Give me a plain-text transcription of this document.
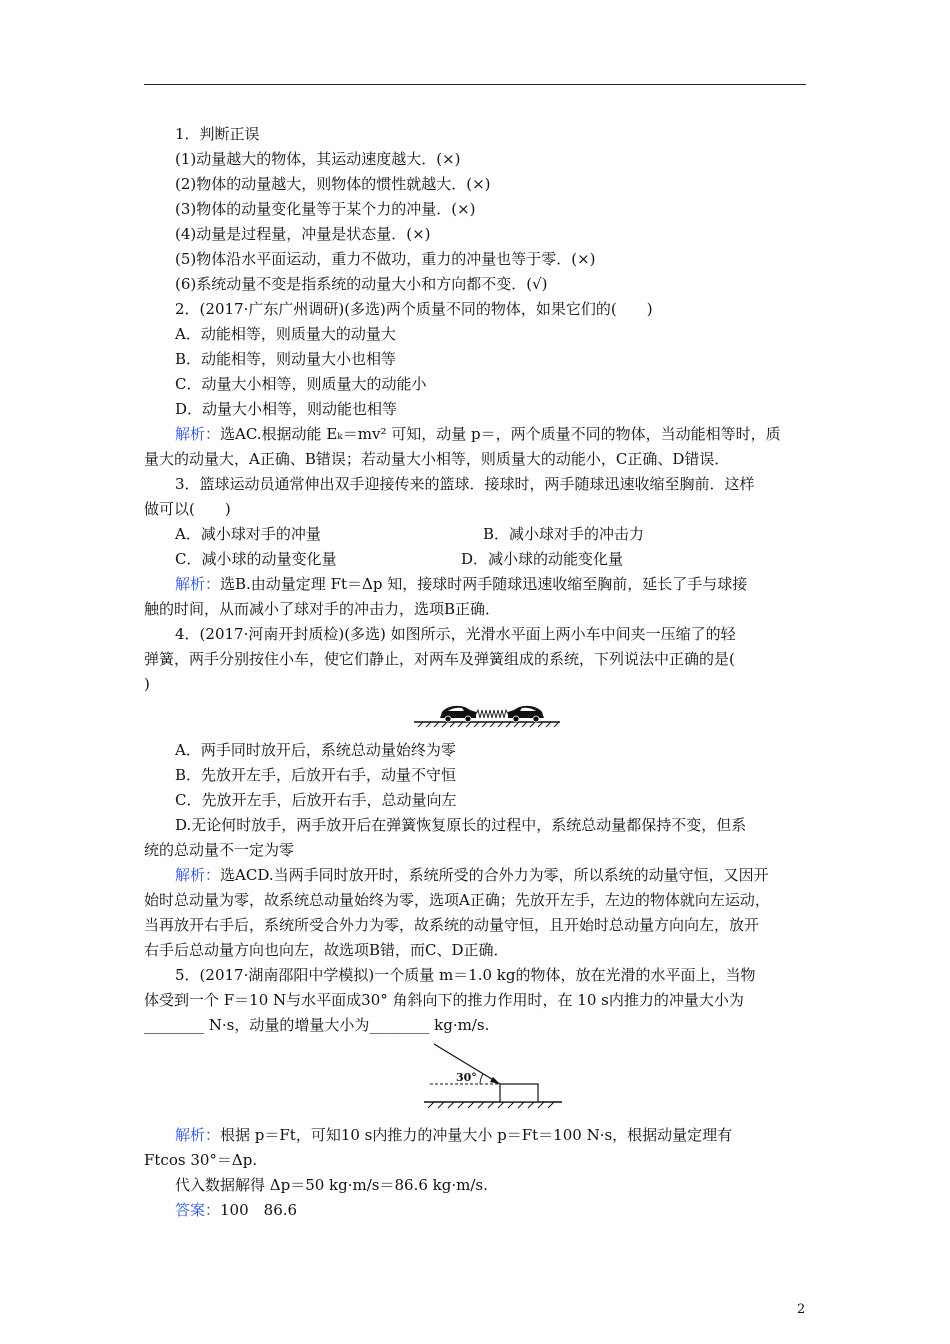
1．判断正误
(1)动量越大的物体，其运动速度越大．(×)
(2)物体的动量越大，则物体的惯性就越大．(×)
(3)物体的动量变化量等于某个力的冲量．(×)
(4)动量是过程量，冲量是状态量．(×)
(5)物体沿水平面运动，重力不做功，重力的冲量也等于零．(×)
(6)系统动量不变是指系统的动量大小和方向都不变．(√)
2．(2017·广东广州调研)(多选)两个质量不同的物体，如果它们的(　　)
A．动能相等，则质量大的动量大
B．动能相等，则动量大小也相等
C．动量大小相等，则质量大的动能小
D．动量大小相等，则动能也相等
解析：选AC.根据动能 Eₖ＝mv² 可知，动量 p＝，两个质量不同的物体，当动能相等时，质
量大的动量大，A正确、B错误；若动量大小相等，则质量大的动能小，C正确、D错误．
3．篮球运动员通常伸出双手迎接传来的篮球．接球时，两手随球迅速收缩至胸前．这样
做可以(　　)
A．减小球对手的冲量	B．减小球对手的冲击力
C．减小球的动量变化量	D．减小球的动能变化量
解析：选B.由动量定理 Ft＝Δp 知，接球时两手随球迅速收缩至胸前，延长了手与球接
触的时间，从而减小了球对手的冲击力，选项B正确．
4．(2017·河南开封质检)(多选) 如图所示，光滑水平面上两小车中间夹一压缩了的轻
弹簧，两手分别按住小车，使它们静止，对两车及弹簧组成的系统，下列说法中正确的是(
)
A．两手同时放开后，系统总动量始终为零
B．先放开左手，后放开右手，动量不守恒
C．先放开左手，后放开右手，总动量向左
D.无论何时放手，两手放开后在弹簧恢复原长的过程中，系统总动量都保持不变，但系
统的总动量不一定为零
解析：选ACD.当两手同时放开时，系统所受的合外力为零，所以系统的动量守恒，又因开
始时总动量为零，故系统总动量始终为零，选项A正确；先放开左手，左边的物体就向左运动，
当再放开右手后，系统所受合外力为零，故系统的动量守恒，且开始时总动量方向向左，放开
右手后总动量方向也向左，故选项B错，而C、D正确．
5．(2017·湖南邵阳中学模拟)一个质量 m＝1.0 kg的物体，放在光滑的水平面上，当物
体受到一个 F＝10 N与水平面成30° 角斜向下的推力作用时，在 10 s内推力的冲量大小为
________ N·s，动量的增量大小为________ kg·m/s.
30°
解析：根据 p＝Ft，可知10 s内推力的冲量大小 p＝Ft＝100 N·s，根据动量定理有
Ftcos 30°＝Δp.
代入数据解得 Δp＝50 kg·m/s＝86.6 kg·m/s.
答案：100　86.6
2
